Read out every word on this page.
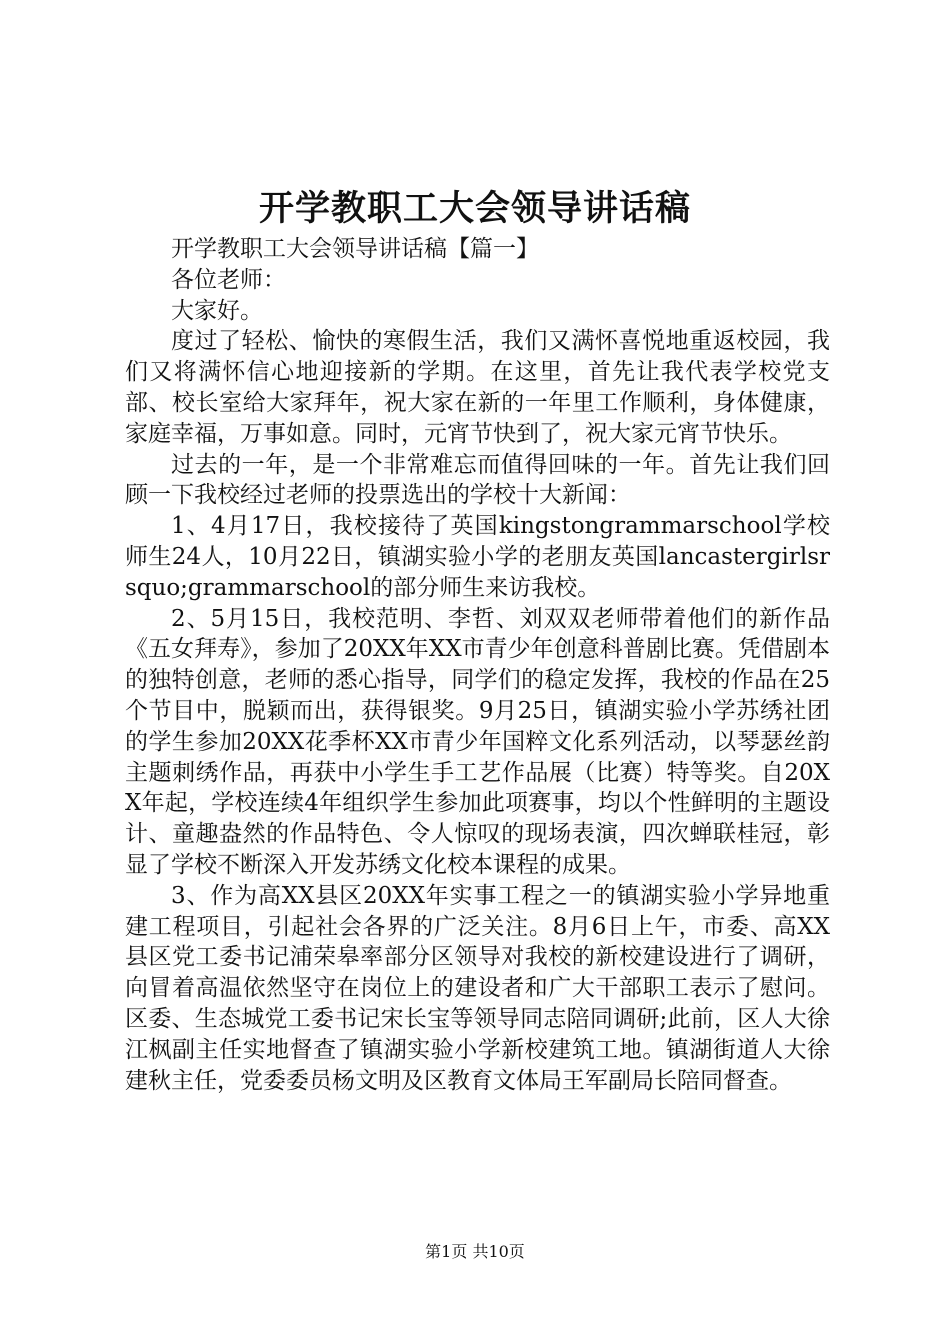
开学教职工大会领导讲话稿

开学教职工大会领导讲话稿【篇一】

各位老师：

大家好。

度过了轻松、愉快的寒假生活，我们又满怀喜悦地重返校园，我们又将满怀信心地迎接新的学期。在这里，首先让我代表学校党支部、校长室给大家拜年，祝大家在新的一年里工作顺利，身体健康，家庭幸福，万事如意。同时，元宵节快到了，祝大家元宵节快乐。

过去的一年，是一个非常难忘而值得回味的一年。首先让我们回顾一下我校经过老师的投票选出的学校十大新闻：

1、4月17日，我校接待了英国kingstongrammarschool学校师生24人，10月22日，镇湖实验小学的老朋友英国lancastergirlsrsquo;grammarschool的部分师生来访我校。

2、5月15日，我校范明、李哲、刘双双老师带着他们的新作品《五女拜寿》，参加了20XX年XX市青少年创意科普剧比赛。凭借剧本的独特创意，老师的悉心指导，同学们的稳定发挥，我校的作品在25个节目中，脱颖而出，获得银奖。9月25日，镇湖实验小学苏绣社团的学生参加20XX花季杯XX市青少年国粹文化系列活动，以琴瑟丝韵主题刺绣作品，再获中小学生手工艺作品展（比赛）特等奖。自20XX年起，学校连续4年组织学生参加此项赛事，均以个性鲜明的主题设计、童趣盎然的作品特色、令人惊叹的现场表演，四次蝉联桂冠，彰显了学校不断深入开发苏绣文化校本课程的成果。

3、作为高XX县区20XX年实事工程之一的镇湖实验小学异地重建工程项目，引起社会各界的广泛关注。8月6日上午，市委、高XX县区党工委书记浦荣皋率部分区领导对我校的新校建设进行了调研，向冒着高温依然坚守在岗位上的建设者和广大干部职工表示了慰问。区委、生态城党工委书记宋长宝等领导同志陪同调研;此前，区人大徐江枫副主任实地督查了镇湖实验小学新校建筑工地。镇湖街道人大徐建秋主任，党委委员杨文明及区教育文体局王军副局长陪同督查。

第1页 共10页
